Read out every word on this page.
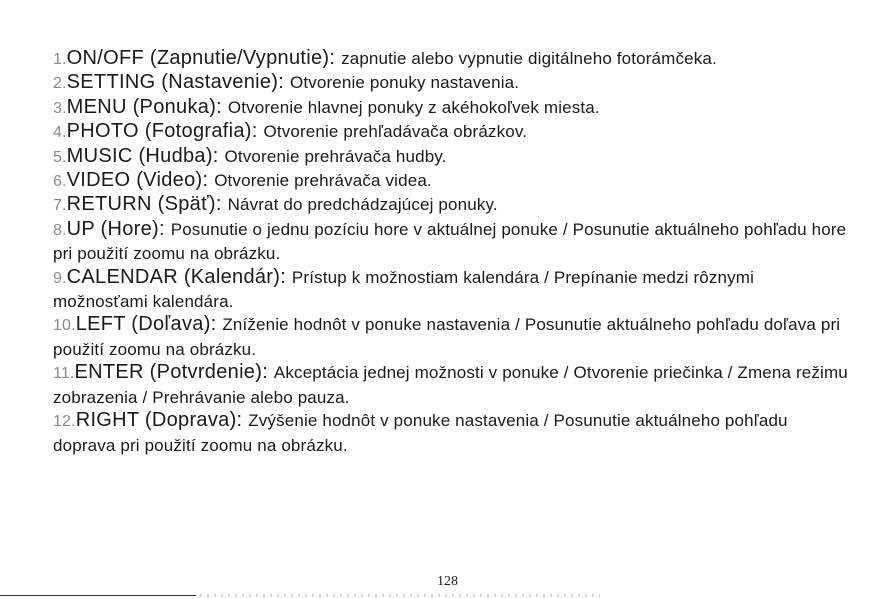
1.ON/OFF (Zapnutie/Vypnutie): zapnutie alebo vypnutie digitálneho fotorámčeka.

2.SETTING (Nastavenie): Otvorenie ponuky nastavenia.

3.MENU (Ponuka): Otvorenie hlavnej ponuky z akéhokoľvek miesta.

4.PHOTO (Fotografia): Otvorenie prehľadávača obrázkov.

5.MUSIC (Hudba): Otvorenie prehrávača hudby.

6.VIDEO (Video): Otvorenie prehrávača videa.

7.RETURN (Späť): Návrat do predchádzajúcej ponuky.

8.UP (Hore): Posunutie o jednu pozíciu hore v aktuálnej ponuke / Posunutie aktuálneho pohľadu hore pri použití zoomu na obrázku.

9.CALENDAR (Kalendár): Prístup k možnostiam kalendára / Prepínanie medzi rôznymi možnosťami kalendára.

10.LEFT (Doľava): Zníženie hodnôt v ponuke nastavenia / Posunutie aktuálneho pohľadu doľava pri použití zoomu na obrázku.

11.ENTER (Potvrdenie): Akceptácia jednej možnosti v ponuke / Otvorenie priečinka / Zmena režimu zobrazenia / Prehrávanie alebo pauza.

12.RIGHT (Doprava): Zvýšenie hodnôt v ponuke nastavenia / Posunutie aktuálneho pohľadu doprava pri použití zoomu na obrázku.

128
